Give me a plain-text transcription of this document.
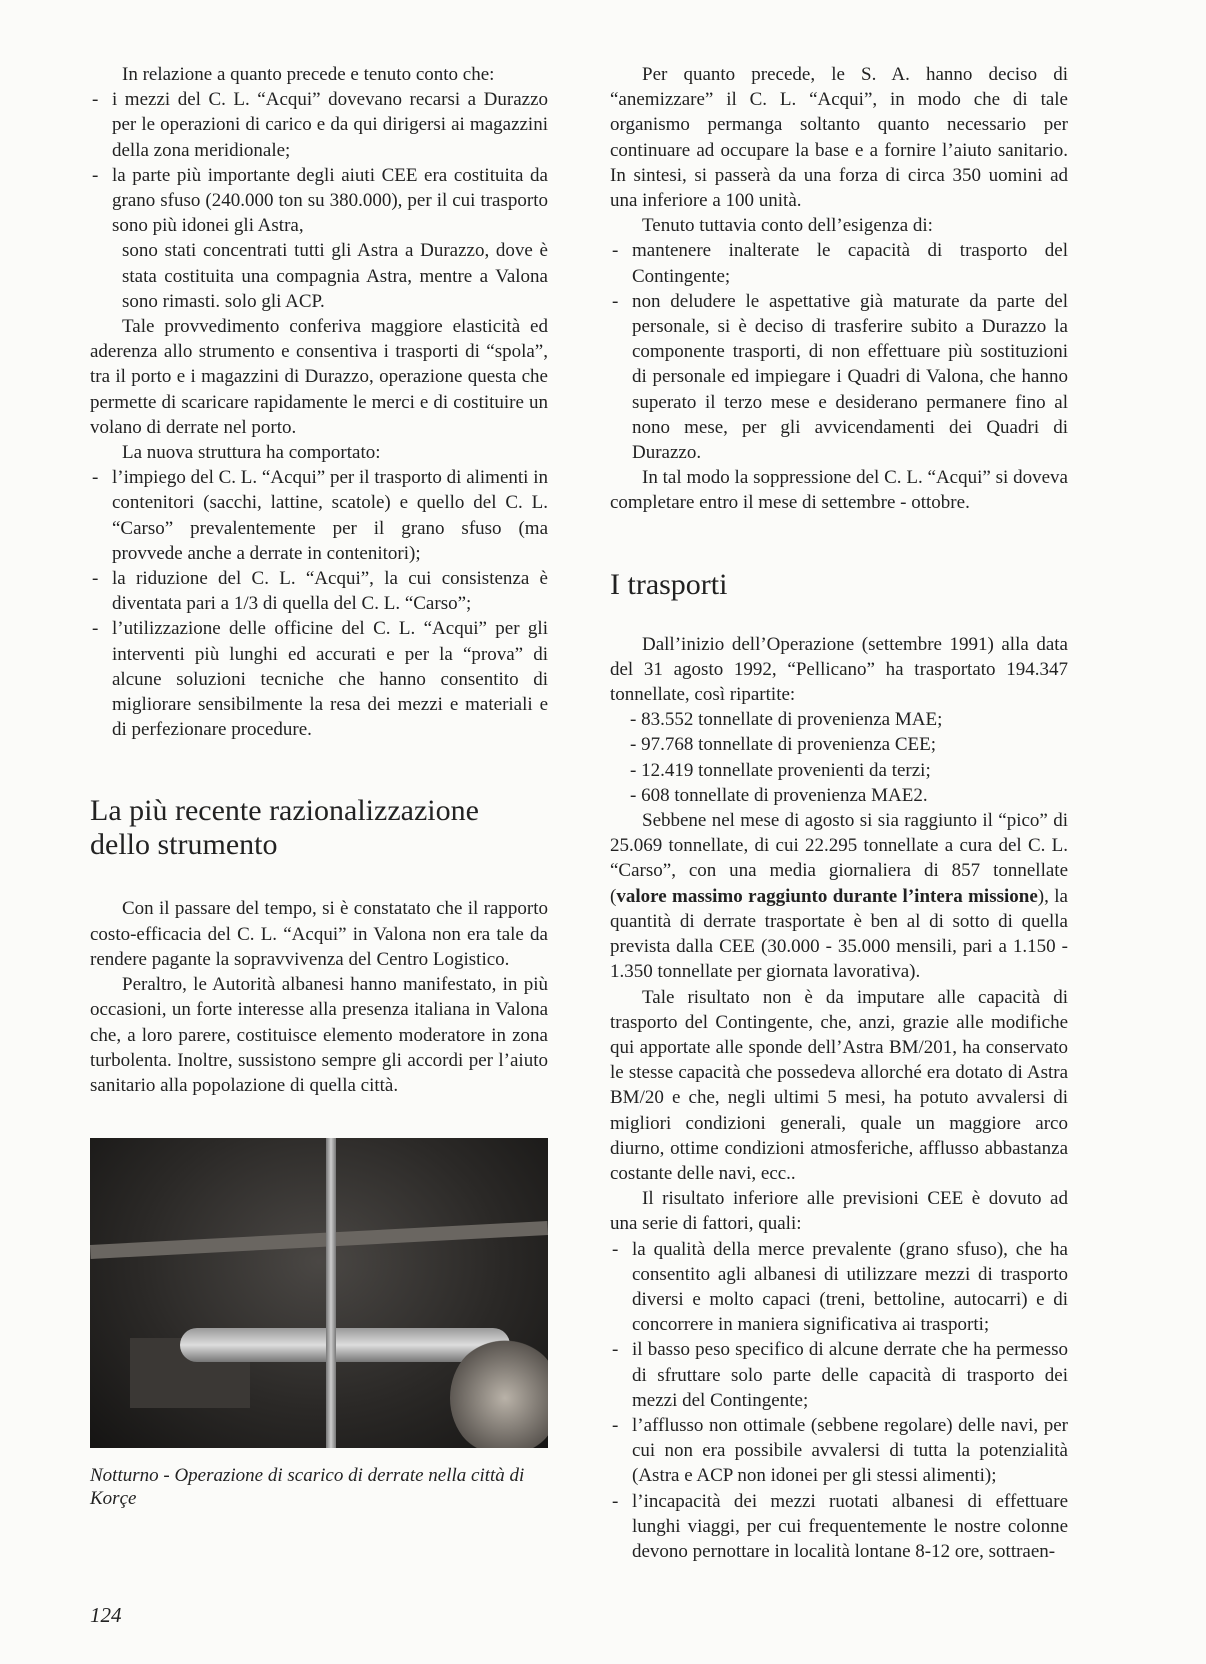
In relazione a quanto precede e tenuto conto che:

- i mezzi del C. L. “Acqui” dovevano recarsi a Durazzo per le operazioni di carico e da qui dirigersi ai magazzini della zona meridionale;
- la parte più importante degli aiuti CEE era costituita da grano sfuso (240.000 ton su 380.000), per il cui trasporto sono più idonei gli Astra,

sono stati concentrati tutti gli Astra a Durazzo, dove è stata costituita una compagnia Astra, mentre a Valona sono rimasti. solo gli ACP.

Tale provvedimento conferiva maggiore elasticità ed aderenza allo strumento e consentiva i trasporti di “spola”, tra il porto e i magazzini di Durazzo, operazione questa che permette di scaricare rapidamente le merci e di costituire un volano di derrate nel porto.

La nuova struttura ha comportato:

- l’impiego del C. L. “Acqui” per il trasporto di alimenti in contenitori (sacchi, lattine, scatole) e quello del C. L. “Carso” prevalentemente per il grano sfuso (ma provvede anche a derrate in contenitori);
- la riduzione del C. L. “Acqui”, la cui consistenza è diventata pari a 1/3 di quella del C. L. “Carso”;
- l’utilizzazione delle officine del C. L. “Acqui” per gli interventi più lunghi ed accurati e per la “prova” di alcune soluzioni tecniche che hanno consentito di migliorare sensibilmente la resa dei mezzi e materiali e di perfezionare procedure.
La più recente razionalizzazione
dello strumento

Con il passare del tempo, si è constatato che il rapporto costo-efficacia del C. L. “Acqui” in Valona non era tale da rendere pagante la sopravvivenza del Centro Logistico.

Peraltro, le Autorità albanesi hanno manifestato, in più occasioni, un forte interesse alla presenza italiana in Valona che, a loro parere, costituisce elemento moderatore in zona turbolenta. Inoltre, sussistono sempre gli accordi per l’aiuto sanitario alla popolazione di quella città.

Notturno - Operazione di scarico di derrate nella città di Korçe

Per quanto precede, le S. A. hanno deciso di “anemizzare” il C. L. “Acqui”, in modo che di tale organismo permanga soltanto quanto necessario per continuare ad occupare la base e a fornire l’aiuto sanitario. In sintesi, si passerà da una forza di circa 350 uomini ad una inferiore a 100 unità.

Tenuto tuttavia conto dell’esigenza di:

- mantenere inalterate le capacità di trasporto del Contingente;
- non deludere le aspettative già maturate da parte del personale, si è deciso di trasferire subito a Durazzo la componente trasporti, di non effettuare più sostituzioni di personale ed impiegare i Quadri di Valona, che hanno superato il terzo mese e desiderano permanere fino al nono mese, per gli avvicendamenti dei Quadri di Durazzo.

In tal modo la soppressione del C. L. “Acqui” si doveva completare entro il mese di settembre - ottobre.

I trasporti

Dall’inizio dell’Operazione (settembre 1991) alla data del 31 agosto 1992, “Pellicano” ha trasportato 194.347 tonnellate, così ripartite:

- 83.552 tonnellate di provenienza MAE;
- 97.768 tonnellate di provenienza CEE;
- 12.419 tonnellate provenienti da terzi;
- 608 tonnellate di provenienza MAE2.

Sebbene nel mese di agosto si sia raggiunto il “pico” di 25.069 tonnellate, di cui 22.295 tonnellate a cura del C. L. “Carso”, con una media giornaliera di 857 tonnellate (valore massimo raggiunto durante l’intera missione), la quantità di derrate trasportate è ben al di sotto di quella prevista dalla CEE (30.000 - 35.000 mensili, pari a 1.150 - 1.350 tonnellate per giornata lavorativa).

Tale risultato non è da imputare alle capacità di trasporto del Contingente, che, anzi, grazie alle modifiche qui apportate alle sponde dell’Astra BM/201, ha conservato le stesse capacità che possedeva allorché era dotato di Astra BM/20 e che, negli ultimi 5 mesi, ha potuto avvalersi di migliori condizioni generali, quale un maggiore arco diurno, ottime condizioni atmosferiche, afflusso abbastanza costante delle navi, ecc..

Il risultato inferiore alle previsioni CEE è dovuto ad una serie di fattori, quali:

- la qualità della merce prevalente (grano sfuso), che ha consentito agli albanesi di utilizzare mezzi di trasporto diversi e molto capaci (treni, bettoline, autocarri) e di concorrere in maniera significativa ai trasporti;
- il basso peso specifico di alcune derrate che ha permesso di sfruttare solo parte delle capacità di trasporto dei mezzi del Contingente;
- l’afflusso non ottimale (sebbene regolare) delle navi, per cui non era possibile avvalersi di tutta la potenzialità (Astra e ACP non idonei per gli stessi alimenti);
- l’incapacità dei mezzi ruotati albanesi di effettuare lunghi viaggi, per cui frequentemente le nostre colonne devono pernottare in località lontane 8-12 ore, sottraen-
124
